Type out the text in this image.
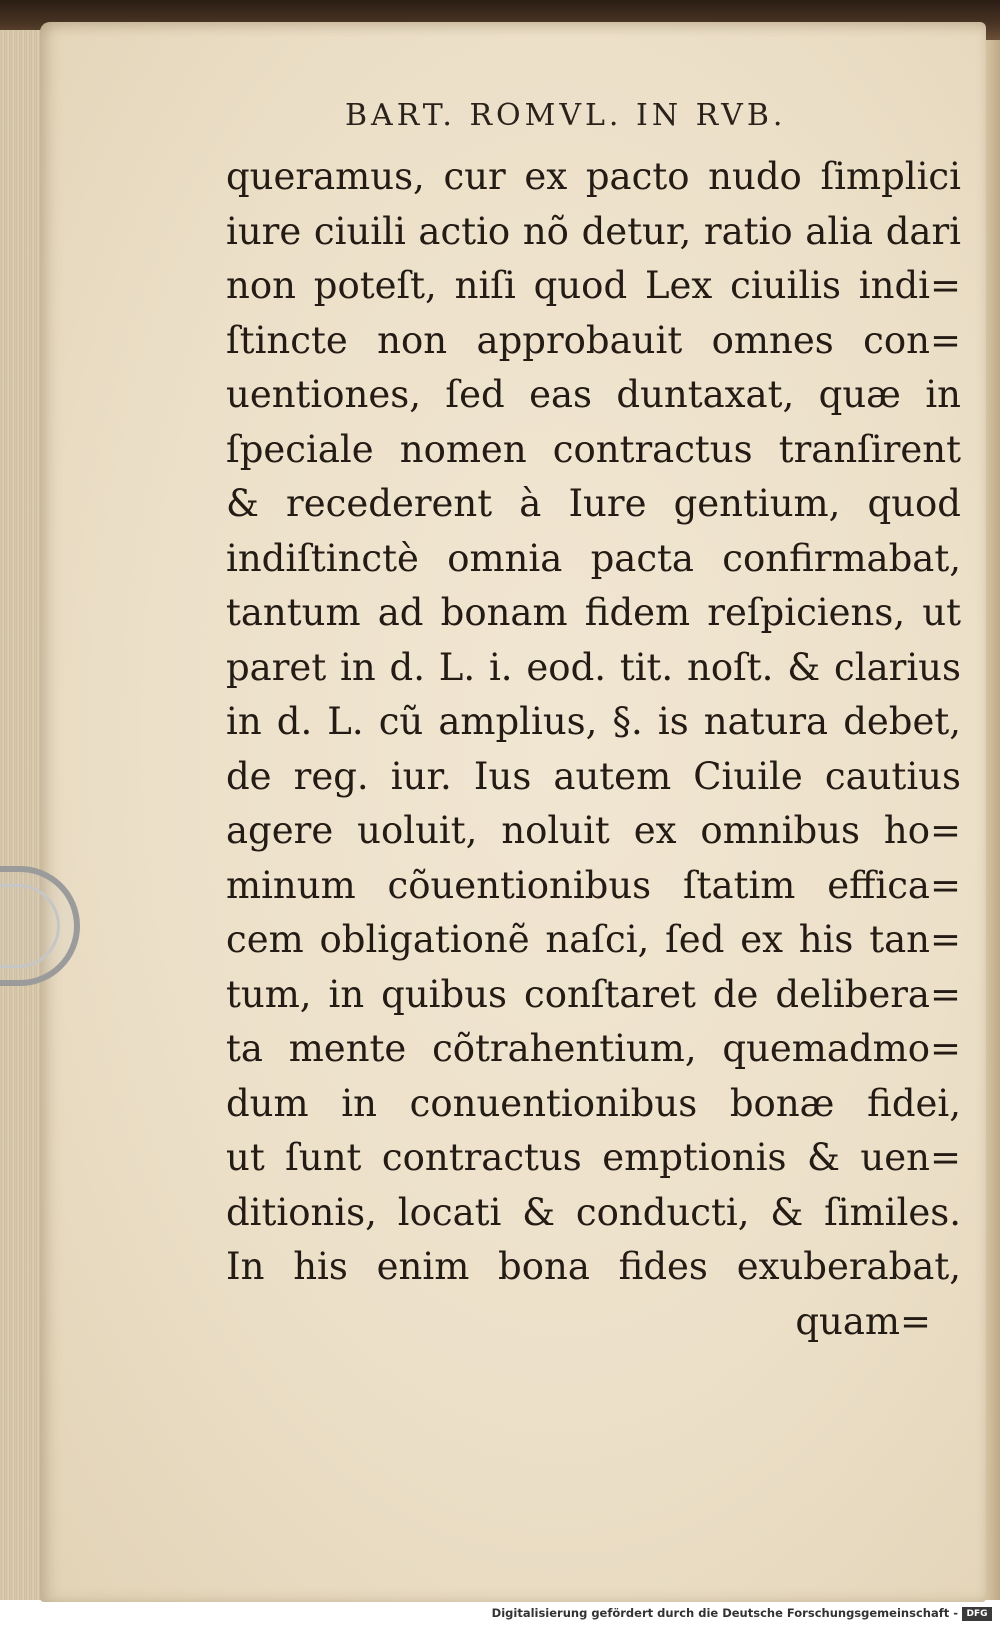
BART. ROMVL. IN RVB.
queramus, cur ex pacto nudo ſimplici
iure ciuili actio nõ detur, ratio alia dari
non poteſt, niſi quod Lex ciuilis indi=
ſtincte non approbauit omnes con=
uentiones, ſed eas duntaxat, quæ in
ſpeciale nomen contractus tranſirent
& recederent à Iure gentium, quod
indiſtinctè omnia pacta confirmabat,
tantum ad bonam fidem reſpiciens, ut
paret in d. L. i. eod. tit. noſt. & clarius
in d. L. cũ amplius, §. is natura debet,
de reg. iur. Ius autem Ciuile cautius
agere uoluit, noluit ex omnibus ho=
minum cõuentionibus ſtatim effica=
cem obligationẽ naſci, ſed ex his tan=
tum, in quibus conſtaret de delibera=
ta mente cõtrahentium, quemadmo=
dum in conuentionibus bonæ fidei,
ut ſunt contractus emptionis & uen=
ditionis, locati & conducti, & ſimiles.
In his enim bona fides exuberabat,
quam=
Digitalisierung gefördert durch die Deutsche Forschungsgemeinschaft - DFG
